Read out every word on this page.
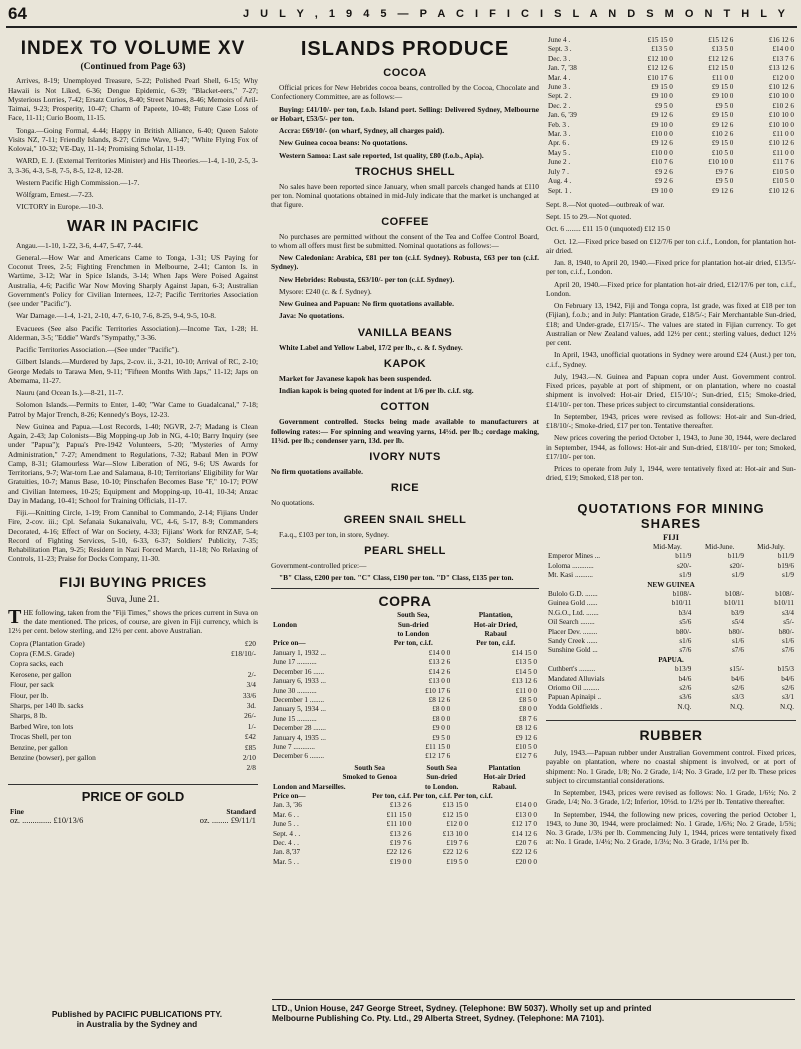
64	J U L Y , 1 9 4 5 — P A C I F I C I S L A N D S M O N T H L Y
INDEX TO VOLUME XV
(Continued from Page 63)

Arrives, 8-19; Unemployed Treasure, 5-22; Polished Pearl Shell, 6-15; Why Hawaii is Not Liked, 6-36; Dengue Epidemic, 6-39; "Blacket-eers," 7-27; Mysterious Lorries, 7-42; Ersatz Curios, 8-40; Street Names, 8-46; Memoirs of Aril-Taimai, 9-23; Prosperity, 10-47; Charm of Papeete, 10-48; Future Case Loss of Face, 11-11; Curio Boom, 11-15.

Tonga.—Going Formal, 4-44; Happy in British Alliance, 6-40; Queen Salote Visits NZ, 7-11; Friendly Islands, 8-27; Crime Wave, 9-47; "White Flying Fox of Kolovai," 10-32; VE-Day, 11-14; Promising Scholar, 11-19.

WARD, E. J. (External Territories Minister) and His Theories.—1-4, 1-10, 2-5, 3-3, 3-36, 4-3, 5-8, 7-5, 8-5, 12-8, 12-28.

Western Pacific High Commission.—1-7.

Wölfgram, Ernest.—7-23.

VICTORY in Europe.—10-3.

WAR IN PACIFIC

Angau.—1-10, 1-22, 3-6, 4-47, 5-47, 7-44.

General.—How War and Americans Came to Tonga, 1-31; US Paying for Coconut Trees, 2-5; Fighting Frenchmen in Melbourne, 2-41; Canton Is. in Wartime, 3-12; War in Spice Islands, 3-14; When Japs Were Poised Against Australia, 4-6; Pacific War Now Moving Sharply Against Japan, 6-3; Australian Government's Policy for Civilian Internees, 12-7; Pacific Territories Association (see under "Pacific").

War Damage.—1-4, 1-21, 2-10, 4-7, 6-10, 7-6, 8-25, 9-4, 9-5, 10-8.

Evacuees (See also Pacific Territories Association).—Income Tax, 1-28; H. Alderman, 3-5; "Eddie" Ward's "Sympathy," 3-36.

Pacific Territories Association.—(See under "Pacific").

Gilbert Islands.—Murdered by Japs, 2-cov. ii., 3-21, 10-10; Arrival of RC, 2-10; George Medals to Tarawa Men, 9-11; "Fifteen Months With Japs," 11-12; Japs on Abemama, 11-27.

Nauru (and Ocean Is.).—8-21, 11-7.

Solomon Islands.—Permits to Enter, 1-40; "War Came to Guadalcanal," 7-18; Patrol by Major Trench, 8-26; Kennedy's Boys, 12-23.

New Guinea and Papua.—Lost Records, 1-40; NGVR, 2-7; Madang is Clean Again, 2-43; Jap Colonists—Big Mopping-up Job in NG, 4-10; Barry Inquiry (see under "Papua"); Papua's Pre-1942 Volunteers, 5-20; "Mysteries of Army Administration," 7-27; Amendment to Regulations, 7-32; Rabaul Men in POW Camp, 8-31; Glamourless War—Slow Liberation of NG, 9-6; US Awards for Territorians, 9-7; War-torn Lae and Salamaua, 8-10; Territorians' Eligibility for War Gratuities, 10-7; Manus Base, 10-10; Pinschafen Becomes Base "F," 10-17; POW and Civilian Internees, 10-25; Equipment and Mopping-up, 10-41, 10-34; Anzac Day in Madang, 10-41; School for Training Officials, 11-17.

Fiji.—Knitting Circle, 1-19; From Cannibal to Commando, 2-14; Fijians Under Fire, 2-cov. iii.; Cpl. Sefanaia Sukanaivalu, VC, 4-6, 5-17, 8-9; Commanders Decorated, 4-16; Effect of War on Society, 4-33; Fijians' Work for RNZAF, 5-4; Record of Fighting Services, 5-10, 6-33, 6-37; Soldiers' Publicity, 7-35; Rehabilitation Plan, 9-25; Resident in Nazi Forced March, 11-18; No Relaxing of Controls, 11-23; Praise for Docks Company, 11-30.

FIJI BUYING PRICES
Suva, June 21.

THE following, taken from the "Fiji Times," shows the prices current in Suva on the date mentioned. The prices, of course, are given in Fiji currency, which is 12½ per cent. below sterling, and 12½ per cent. above Australian.

Copra (Plantation Grade)	£20
Copra (F.M.S. Grade)	£18/10/-
Copra sacks, each	
Kerosene, per gallon	2/-
Flour, per sack	3/4
Flour, per lb.	33/6
Sharps, per 140 lb. sacks	3d.
Sharps, 8 lb.	26/-
Barbed Wire, ton lots	1/-
Trocas Shell, per ton	£42
Benzine, per gallon	£85
Benzine (bowser), per gallon	2/10
	2/8
PRICE OF GOLD
Fine	Standard
oz. .............. £10/13/6	oz. ........ £9/11/1
ISLANDS PRODUCE
COCOA

Official prices for New Hebrides cocoa beans, controlled by the Cocoa, Chocolate and Confectionery Committee, are as follows:—

Buying: £41/10/- per ton, f.o.b. Island port. Selling: Delivered Sydney, Melbourne or Hobart, £53/5/- per ton.

Accra: £69/10/- (on wharf, Sydney, all charges paid).

New Guinea cocoa beans: No quotations.

Western Samoa: Last sale reported, 1st quality, £80 (f.o.b., Apia).

TROCHUS SHELL

No sales have been reported since January, when small parcels changed hands at £110 per ton. Nominal quotations obtained in mid-July indicate that the market is unchanged at that figure.

COFFEE

No purchases are permitted without the consent of the Tea and Coffee Control Board, to whom all offers must first be submitted. Nominal quotations as follows:—

New Caledonian: Arabica, £81 per ton (c.i.f. Sydney). Robusta, £63 per ton (c.i.f. Sydney).

New Hebrides: Robusta, £63/10/- per ton (c.i.f. Sydney).

Mysore: £240 (c. & f. Sydney).

New Guinea and Papuan: No firm quotations available.

Java: No quotations.

VANILLA BEANS

White Label and Yellow Label, 17/2 per lb., c. & f. Sydney.

KAPOK

Market for Javanese kapok has been suspended.

Indian kapok is being quoted for indent at 1/6 per lb. c.i.f. stg.

COTTON

Government controlled. Stocks being made available to manufacturers at following rates:— For spinning and weaving yarns, 14½d. per lb.; cordage making, 11¾d. per lb.; condenser yarn, 13d. per lb.

IVORY NUTS

No firm quotations available.

RICE

No quotations.

GREEN SNAIL SHELL

F.a.q., £103 per ton, in store, Sydney.

PEARL SHELL

Government-controlled price:—

"B" Class, £200 per ton. "C" Class, £190 per ton. "D" Class, £135 per ton.

COPRA
	South Sea,	Plantation,
London	Sun-dried	Hot-air Dried,
	to London	Rabaul
Price on—	Per ton, c.i.f.	Per ton, c.i.f.
January 1, 1932 ...	£14 0 0	£14 15 0
June 17 ...........	£13 2 6	£13 5 0
December 16 ......	£14 2 6	£14 5 0
January 6, 1933 ...	£13 0 0	£13 12 6
June 30 ...........	£10 17 6	£11 0 0
December 1 ........	£8 12 6	£8 5 0
January 5, 1934 ...	£8 0 0	£8 0 0
June 15 ...........	£8 0 0	£8 7 6
December 28 .......	£9 0 0	£8 12 6
January 4, 1935 ...	£9 5 0	£9 12 6
June 7 ............	£11 15 0	£10 5 0
December 6 ........	£12 17 6	£12 7 6
	South Sea	South Sea	Plantation
	Smoked to Genoa	Sun-dried	Hot-air Dried
London and Marseilles.		to London.	Rabaul.
Price on—	Per ton, c.i.f. Per ton, c.i.f. Per ton, c.i.f.		
Jan. 3, '36	£13 2 6	£13 15 0	£14 0 0
Mar. 6 . .	£11 15 0	£12 15 0	£13 0 0
June 5 . .	£11 10 0	£12 0 0	£12 17 0
Sept. 4 . .	£13 2 6	£13 10 0	£14 12 6
Dec. 4 . .	£19 7 6	£19 7 6	£20 7 6
Jan. 8,'37	£22 12 6	£22 12 6	£22 12 6
Mar. 5 . .	£19 0 0	£19 5 0	£20 0 0
June 4 .	£15 15 0	£15 12 6	£16 12 6
Sept. 3 .	£13 5 0	£13 5 0	£14 0 0
Dec. 3 .	£12 10 0	£12 12 6	£13 7 6
Jan. 7, '38	£12 12 6	£12 15 0	£13 12 6
Mar. 4 .	£10 17 6	£11 0 0	£12 0 0
June 3 .	£9 15 0	£9 15 0	£10 12 6
Sept. 2 .	£9 10 0	£9 10 0	£10 10 0
Dec. 2 .	£9 5 0	£9 5 0	£10 2 6
Jan. 6, '39	£9 12 6	£9 15 0	£10 10 0
Feb. 3 .	£9 10 0	£9 12 6	£10 10 0
Mar. 3 .	£10 0 0	£10 2 6	£11 0 0
Apr. 6 .	£9 12 6	£9 15 0	£10 12 6
May 5 .	£10 0 0	£10 5 0	£11 0 0
June 2 .	£10 7 6	£10 10 0	£11 7 6
July 7 .	£9 2 6	£9 7 6	£10 5 0
Aug. 4 .	£9 2 6	£9 5 0	£10 5 0
Sept. 1 .	£9 10 0	£9 12 6	£10 12 6

Sept. 8.—Not quoted—outbreak of war.

Sept. 15 to 29.—Not quoted.

Oct. 6 ........ £11 15 0 (unquoted) £12 15 0

Oct. 12.—Fixed price based on £12/7/6 per ton c.i.f., London, for plantation hot-air dried.

Jan. 8, 1940, to April 20, 1940.—Fixed price for plantation hot-air dried, £13/5/- per ton, c.i.f., London.

April 20, 1940.—Fixed price for plantation hot-air dried, £12/17/6 per ton, c.i.f., London.

On February 13, 1942, Fiji and Tonga copra, 1st grade, was fixed at £18 per ton (Fijian), f.o.b.; and in July: Plantation Grade, £18/5/-; Fair Merchantable Sun-dried, £18; and Under-grade, £17/15/-. The values are stated in Fijian currency. To get Australian or New Zealand values, add 12½ per cent.; sterling values, deduct 12½ per cent.

In April, 1943, unofficial quotations in Sydney were around £24 (Aust.) per ton, c.i.f., Sydney.

July, 1943.—N. Guinea and Papuan copra under Aust. Government control. Fixed prices, payable at port of shipment, or on plantation, where no coastal shipment is involved: Hot-air Dried, £15/10/-; Sun-dried, £15; Smoke-dried, £14/10/- per ton. These prices subject to circumstantial considerations.

In September, 1943, prices were revised as follows: Hot-air and Sun-dried, £18/10/-; Smoke-dried, £17 per ton. Tentative thereafter.

New prices covering the period October 1, 1943, to June 30, 1944, were declared in September, 1944, as follows: Hot-air and Sun-dried, £18/10/- per ton; Smoked, £17/10/- per ton.

Prices to operate from July 1, 1944, were tentatively fixed at: Hot-air and Sun-dried, £19; Smoked, £18 per ton.

QUOTATIONS FOR MINING SHARES
FIJI
	Mid-May.	Mid-June.	Mid-July.
Emperor Mines ...	b11/9	b11/9	b11/9
Loloma ............	s20/-	s20/-	b19/6
Mt. Kasi ..........	s1/9	s1/9	s1/9
NEW GUINEA			
Bulolo G.D. .......	b108/-	b108/-	b108/-
Guinea Gold ......	b10/11	b10/11	b10/11
N.G.O., Ltd. .......	b3/4	b3/9	s3/4
Oil Search ........	s5/6	s5/4	s5/-
Placer Dev. ........	b80/-	b80/-	b80/-
Sandy Creek ......	s1/6	s1/6	s1/6
Sunshine Gold ...	s7/6	s7/6	s7/6
PAPUA.			
Cuthbert's .........	b13/9	s15/-	b15/3
Mandated Alluvials	b4/6	b4/6	b4/6
Oriomo Oil .........	s2/6	s2/6	s2/6
Papuan Apinaipi ..	s3/6	s3/3	s3/1
Yodda Goldfields .	N.Q.	N.Q.	N.Q.
RUBBER

July, 1943.—Papuan rubber under Australian Government control. Fixed prices, payable on plantation, where no coastal shipment is involved, or at port of shipment: No. 1 Grade, 1/8; No. 2 Grade, 1/4; No. 3 Grade, 1/2 per lb. These prices subject to circumstantial considerations.

In September, 1943, prices were revised as follows: No. 1 Grade, 1/6½; No. 2 Grade, 1/4; No. 3 Grade, 1/2; Inferior, 10½d. to 1/2½ per lb. Tentative thereafter.

In September, 1944, the following new prices, covering the period October 1, 1943, to June 30, 1944, were proclaimed: No. 1 Grade, 1/6¾; No. 2 Grade, 1/5¾; No. 3 Grade, 1/3¾ per lb. Commencing July 1, 1944, prices were tentatively fixed at: No. 1 Grade, 1/4¼; No. 2 Grade, 1/3¼; No. 3 Grade, 1/1¼ per lb.

Published by PACIFIC PUBLICATIONS PTY.
in Australia by the Sydney and
LTD., Union House, 247 George Street, Sydney. (Telephone: BW 5037). Wholly set up and printed
Melbourne Publishing Co. Pty. Ltd., 29 Alberta Street, Sydney. (Telephone: MA 7101).
